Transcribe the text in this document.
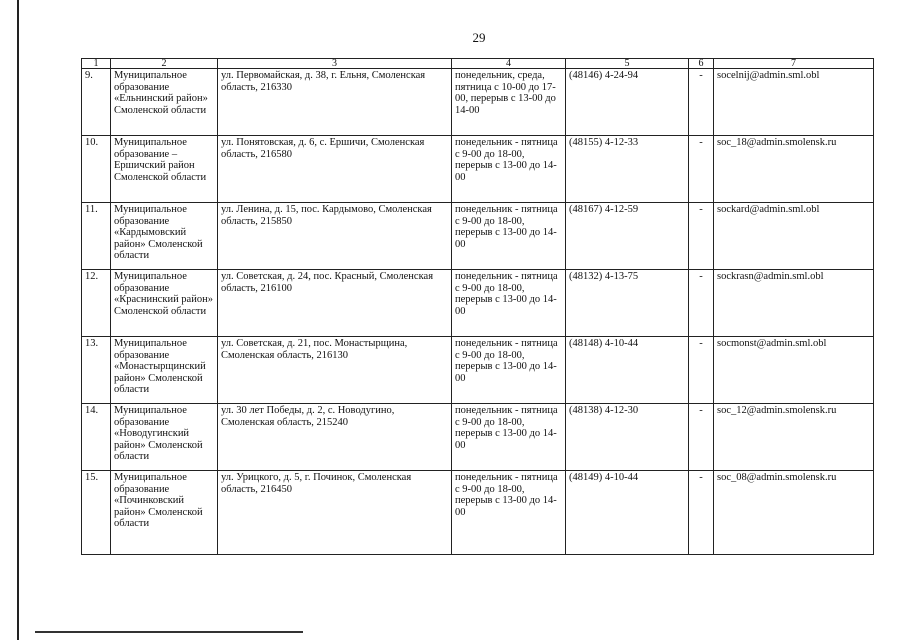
29
1	2	3	4	5	6	7
9.	Муниципальное образование «Ельнинский район» Смоленской области	ул. Первомайская, д. 38, г. Ельня, Смоленская область, 216330	понедельник, среда, пятница с 10-00 до 17-00, перерыв с 13-00 до 14-00	(48146) 4-24-94	-	socelnij@admin.sml.obl
10.	Муниципальное образование – Ершичский район Смоленской области	ул. Понятовская, д. 6, с. Ершичи, Смоленская область, 216580	понедельник - пятница с 9-00 до 18-00, перерыв с 13-00 до 14-00	(48155) 4-12-33	-	soc_18@admin.smolensk.ru
11.	Муниципальное образование «Кардымовский район» Смоленской области	ул. Ленина, д. 15, пос. Кардымово, Смоленская область, 215850	понедельник - пятница с 9-00 до 18-00, перерыв с 13-00 до 14-00	(48167) 4-12-59	-	sockard@admin.sml.obl
12.	Муниципальное образование «Краснинский район» Смоленской области	ул. Советская, д. 24, пос. Красный, Смоленская область, 216100	понедельник - пятница с 9-00 до 18-00, перерыв с 13-00 до 14-00	(48132) 4-13-75	-	sockrasn@admin.sml.obl
13.	Муниципальное образование «Монастырщинский район» Смоленской области	ул. Советская, д. 21, пос. Монастырщина, Смоленская область, 216130	понедельник - пятница с 9-00 до 18-00, перерыв с 13-00 до 14-00	(48148) 4-10-44	-	socmonst@admin.sml.obl
14.	Муниципальное образование «Новодугинский район» Смоленской области	ул. 30 лет Победы, д. 2, с. Новодугино, Смоленская область, 215240	понедельник - пятница с 9-00 до 18-00, перерыв с 13-00 до 14-00	(48138) 4-12-30	-	soc_12@admin.smolensk.ru
15.	Муниципальное образование «Починковский район» Смоленской области	ул. Урицкого, д. 5, г. Починок, Смоленская область, 216450	понедельник - пятница с 9-00 до 18-00, перерыв с 13-00 до 14-00	(48149) 4-10-44	-	soc_08@admin.smolensk.ru
